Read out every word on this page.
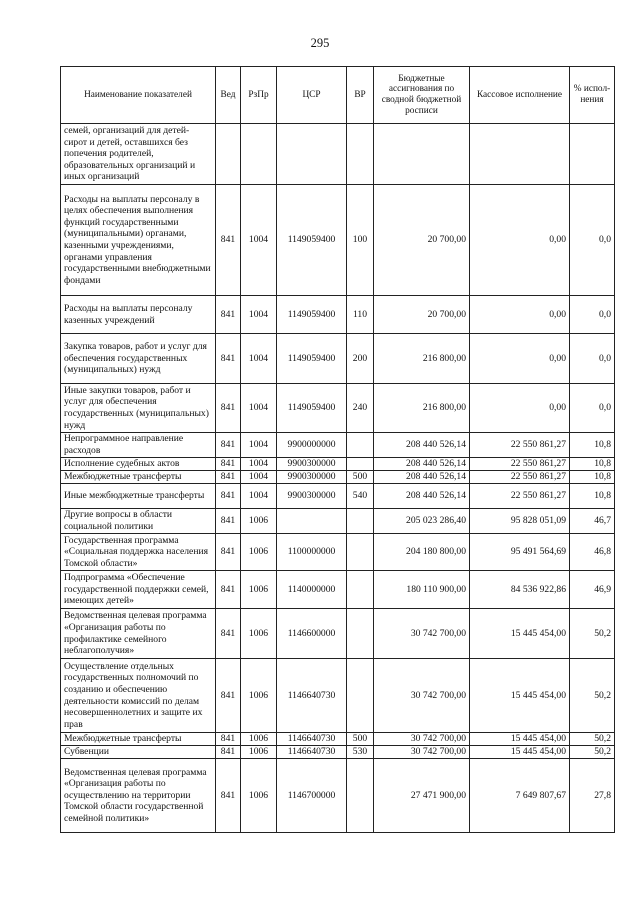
295
Наименование показателей	Вед	РзПр	ЦСР	ВР	Бюджетные ассигнования по сводной бюджетной росписи	Кассовое исполнение	% испол-нения
семей, организаций для детей-сирот и детей, оставшихся без попечения родителей, образовательных организаций и иных организаций							
Расходы на выплаты персоналу в целях обеспечения выполнения функций государственными (муниципальными) органами, казенными учреждениями, органами управления государственными внебюджетными фондами	841	1004	1149059400	100	20 700,00	0,00	0,0
Расходы на выплаты персоналу казенных учреждений	841	1004	1149059400	110	20 700,00	0,00	0,0
Закупка товаров, работ и услуг для обеспечения государственных (муниципальных) нужд	841	1004	1149059400	200	216 800,00	0,00	0,0
Иные закупки товаров, работ и услуг для обеспечения государственных (муниципальных) нужд	841	1004	1149059400	240	216 800,00	0,00	0,0
Непрограммное направление расходов	841	1004	9900000000		208 440 526,14	22 550 861,27	10,8
Исполнение судебных актов	841	1004	9900300000		208 440 526,14	22 550 861,27	10,8
Межбюджетные трансферты	841	1004	9900300000	500	208 440 526,14	22 550 861,27	10,8
Иные межбюджетные трансферты	841	1004	9900300000	540	208 440 526,14	22 550 861,27	10,8
Другие вопросы в области социальной политики	841	1006			205 023 286,40	95 828 051,09	46,7
Государственная программа «Социальная поддержка населения Томской области»	841	1006	1100000000		204 180 800,00	95 491 564,69	46,8
Подпрограмма «Обеспечение государственной поддержки семей, имеющих детей»	841	1006	1140000000		180 110 900,00	84 536 922,86	46,9
Ведомственная целевая программа «Организация работы по профилактике семейного неблагополучия»	841	1006	1146600000		30 742 700,00	15 445 454,00	50,2
Осуществление отдельных государственных полномочий по созданию и обеспечению деятельности комиссий по делам несовершеннолетних и защите их прав	841	1006	1146640730		30 742 700,00	15 445 454,00	50,2
Межбюджетные трансферты	841	1006	1146640730	500	30 742 700,00	15 445 454,00	50,2
Субвенции	841	1006	1146640730	530	30 742 700,00	15 445 454,00	50,2
Ведомственная целевая программа «Организация работы по осуществлению на территории Томской области государственной семейной политики»	841	1006	1146700000		27 471 900,00	7 649 807,67	27,8
